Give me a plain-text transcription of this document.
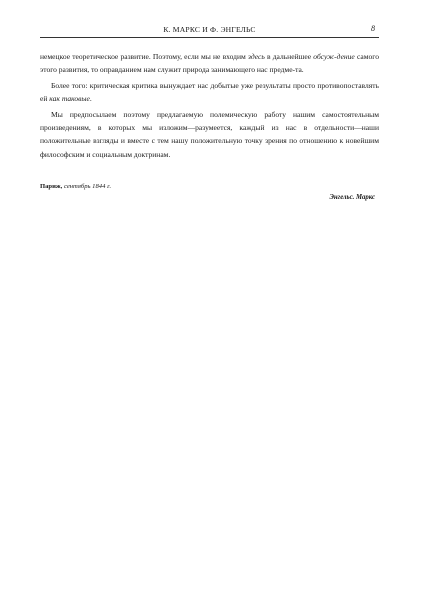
К. МАРКС И Ф. ЭНГЕЛЬС	8

немецкое теоретическое развитие. Поэтому, если мы не входим здесь в дальнейшее обсуж-дение самого этого развития, то оправданием нам служит природа занимающего нас предме-та.

Более того: критическая критика вынуждает нас добытые уже результаты просто противопоставлять ей как таковые.

Мы предпосылаем поэтому предлагаемую полемическую работу нашим самостоятельным произведениям, в которых мы изложим—разумеется, каждый из нас в отдельности—наши положительные взгляды и вместе с тем нашу положительную точку зрения по отношению к новейшим философским и социальным доктринам.

Париж, сентябрь 1844 г.
Энгельс. Маркс
